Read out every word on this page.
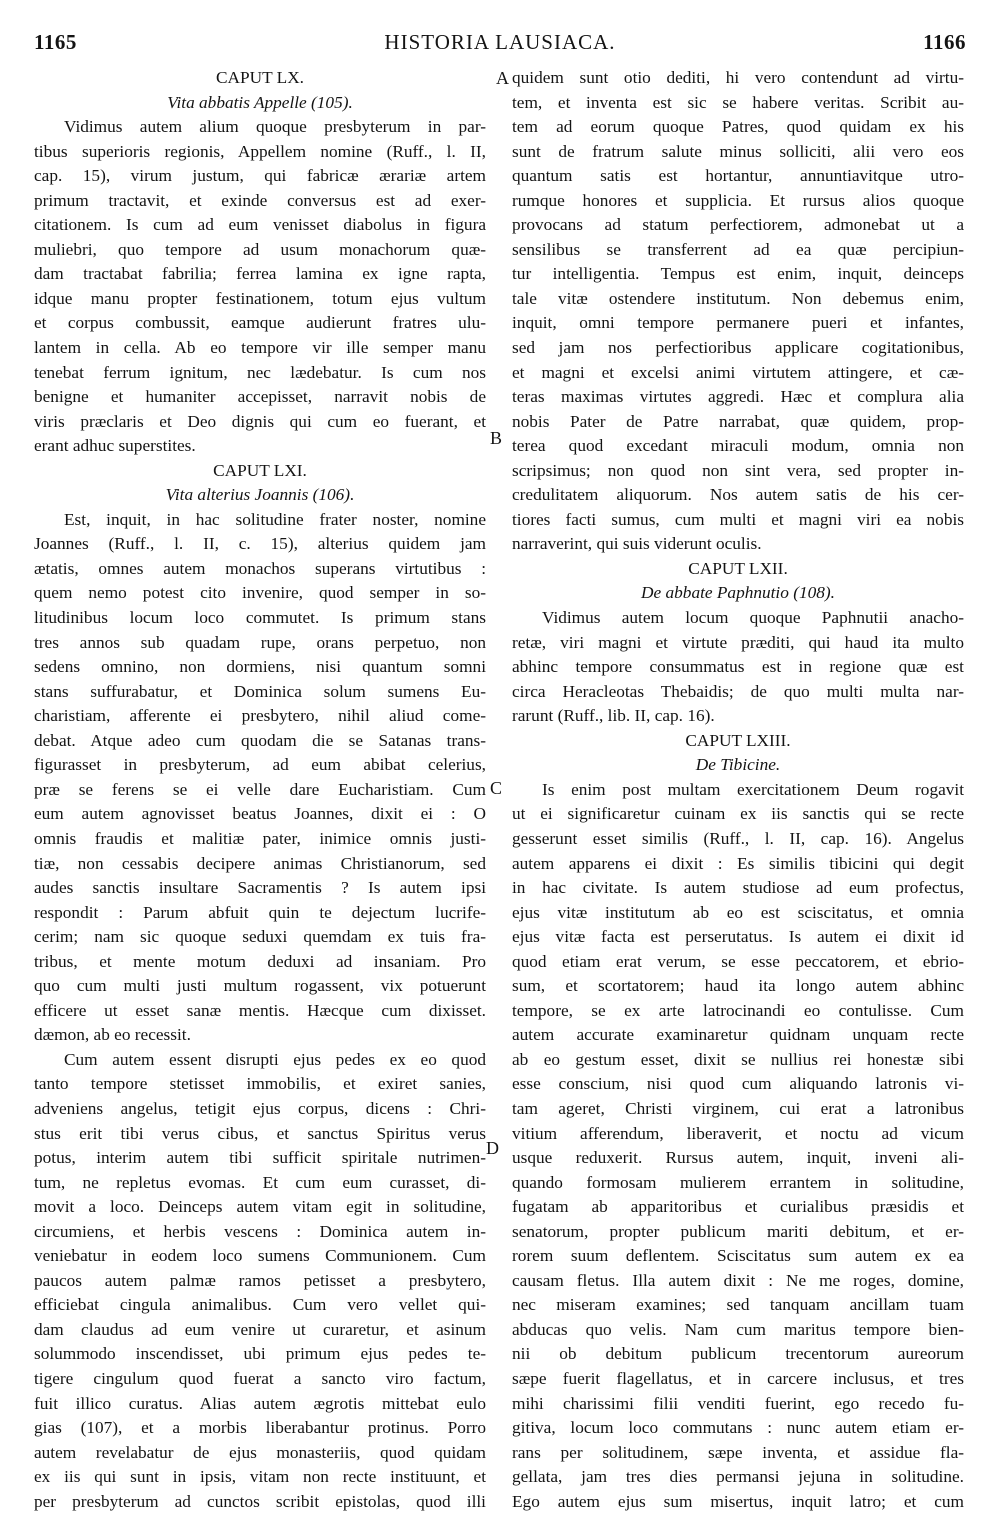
1165	HISTORIA LAUSIACA.	1166
A
B
C
D
CAPUT LX.
Vita abbatis Appelle (105).
Vidimus autem alium quoque presbyterum in par-
tibus superioris regionis, Appellem nomine (Ruff., l. II,
cap. 15), virum justum, qui fabricæ ærariæ artem
primum tractavit, et exinde conversus est ad exer-
citationem. Is cum ad eum venisset diabolus in figura
muliebri, quo tempore ad usum monachorum quæ-
dam tractabat fabrilia; ferrea lamina ex igne rapta,
idque manu propter festinationem, totum ejus vultum
et corpus combussit, eamque audierunt fratres ulu-
lantem in cella. Ab eo tempore vir ille semper manu
tenebat ferrum ignitum, nec lædebatur. Is cum nos
benigne et humaniter accepisset, narravit nobis de
viris præclaris et Deo dignis qui cum eo fuerant, et
erant adhuc superstites.
CAPUT LXI.
Vita alterius Joannis (106).
Est, inquit, in hac solitudine frater noster, nomine
Joannes (Ruff., l. II, c. 15), alterius quidem jam
ætatis, omnes autem monachos superans virtutibus :
quem nemo potest cito invenire, quod semper in so-
litudinibus locum loco commutet. Is primum stans
tres annos sub quadam rupe, orans perpetuo, non
sedens omnino, non dormiens, nisi quantum somni
stans suffurabatur, et Dominica solum sumens Eu-
charistiam, afferente ei presbytero, nihil aliud come-
debat. Atque adeo cum quodam die se Satanas trans-
figurasset in presbyterum, ad eum abibat celerius,
præ se ferens se ei velle dare Eucharistiam. Cum
eum autem agnovisset beatus Joannes, dixit ei : O
omnis fraudis et malitiæ pater, inimice omnis justi-
tiæ, non cessabis decipere animas Christianorum, sed
audes sanctis insultare Sacramentis ? Is autem ipsi
respondit : Parum abfuit quin te dejectum lucrife-
cerim; nam sic quoque seduxi quemdam ex tuis fra-
tribus, et mente motum deduxi ad insaniam. Pro
quo cum multi justi multum rogassent, vix potuerunt
efficere ut esset sanæ mentis. Hæcque cum dixisset.
dæmon, ab eo recessit.
Cum autem essent disrupti ejus pedes ex eo quod
tanto tempore stetisset immobilis, et exiret sanies,
adveniens angelus, tetigit ejus corpus, dicens : Chri-
stus erit tibi verus cibus, et sanctus Spiritus verus
potus, interim autem tibi sufficit spiritale nutrimen-
tum, ne repletus evomas. Et cum eum curasset, di-
movit a loco. Deinceps autem vitam egit in solitudine,
circumiens, et herbis vescens : Dominica autem in-
veniebatur in eodem loco sumens Communionem. Cum
paucos autem palmæ ramos petisset a presbytero,
efficiebat cingula animalibus. Cum vero vellet qui-
dam claudus ad eum venire ut curaretur, et asinum
solummodo inscendisset, ubi primum ejus pedes te-
tigere cingulum quod fuerat a sancto viro factum,
fuit illico curatus. Alias autem ægrotis mittebat eulo
gias (107), et a morbis liberabantur protinus. Porro
autem revelabatur de ejus monasteriis, quod quidam
ex iis qui sunt in ipsis, vitam non recte instituunt, et
per presbyterum ad cunctos scribit epistolas, quod illi
quidem sunt otio dediti, hi vero contendunt ad virtu-
tem, et inventa est sic se habere veritas. Scribit au-
tem ad eorum quoque Patres, quod quidam ex his
sunt de fratrum salute minus solliciti, alii vero eos
quantum satis est hortantur, annuntiavitque utro-
rumque honores et supplicia. Et rursus alios quoque
provocans ad statum perfectiorem, admonebat ut a
sensilibus se transferrent ad ea quæ percipiun-
tur intelligentia. Tempus est enim, inquit, deinceps
tale vitæ ostendere institutum. Non debemus enim,
inquit, omni tempore permanere pueri et infantes,
sed jam nos perfectioribus applicare cogitationibus,
et magni et excelsi animi virtutem attingere, et cæ-
teras maximas virtutes aggredi. Hæc et complura alia
nobis Pater de Patre narrabat, quæ quidem, prop-
terea quod excedant miraculi modum, omnia non
scripsimus; non quod non sint vera, sed propter in-
credulitatem aliquorum. Nos autem satis de his cer-
tiores facti sumus, cum multi et magni viri ea nobis
narraverint, qui suis viderunt oculis.
CAPUT LXII.
De abbate Paphnutio (108).
Vidimus autem locum quoque Paphnutii anacho-
retæ, viri magni et virtute præditi, qui haud ita multo
abhinc tempore consummatus est in regione quæ est
circa Heracleotas Thebaidis; de quo multi multa nar-
rarunt (Ruff., lib. II, cap. 16).
CAPUT LXIII.
De Tibicine.
Is enim post multam exercitationem Deum rogavit
ut ei significaretur cuinam ex iis sanctis qui se recte
gesserunt esset similis (Ruff., l. II, cap. 16). Angelus
autem apparens ei dixit : Es similis tibicini qui degit
in hac civitate. Is autem studiose ad eum profectus,
ejus vitæ institutum ab eo est sciscitatus, et omnia
ejus vitæ facta est perserutatus. Is autem ei dixit id
quod etiam erat verum, se esse peccatorem, et ebrio-
sum, et scortatorem; haud ita longo autem abhinc
tempore, se ex arte latrocinandi eo contulisse. Cum
autem accurate examinaretur quidnam unquam recte
ab eo gestum esset, dixit se nullius rei honestæ sibi
esse conscium, nisi quod cum aliquando latronis vi-
tam ageret, Christi virginem, cui erat a latronibus
vitium afferendum, liberaverit, et noctu ad vicum
usque reduxerit. Rursus autem, inquit, inveni ali-
quando formosam mulierem errantem in solitudine,
fugatam ab apparitoribus et curialibus præsidis et
senatorum, propter publicum mariti debitum, et er-
rorem suum deflentem. Sciscitatus sum autem ex ea
causam fletus. Illa autem dixit : Ne me roges, domine,
nec miseram examines; sed tanquam ancillam tuam
abducas quo velis. Nam cum maritus tempore bien-
nii ob debitum publicum trecentorum aureorum
sæpe fuerit flagellatus, et in carcere inclusus, et tres
mihi charissimi filii venditi fuerint, ego recedo fu-
gitiva, locum loco commutans : nunc autem etiam er-
rans per solitudinem, sæpe inventa, et assidue fla-
gellata, jam tres dies permansi jejuna in solitudine.
Ego autem ejus sum misertus, inquit latro; et cum
